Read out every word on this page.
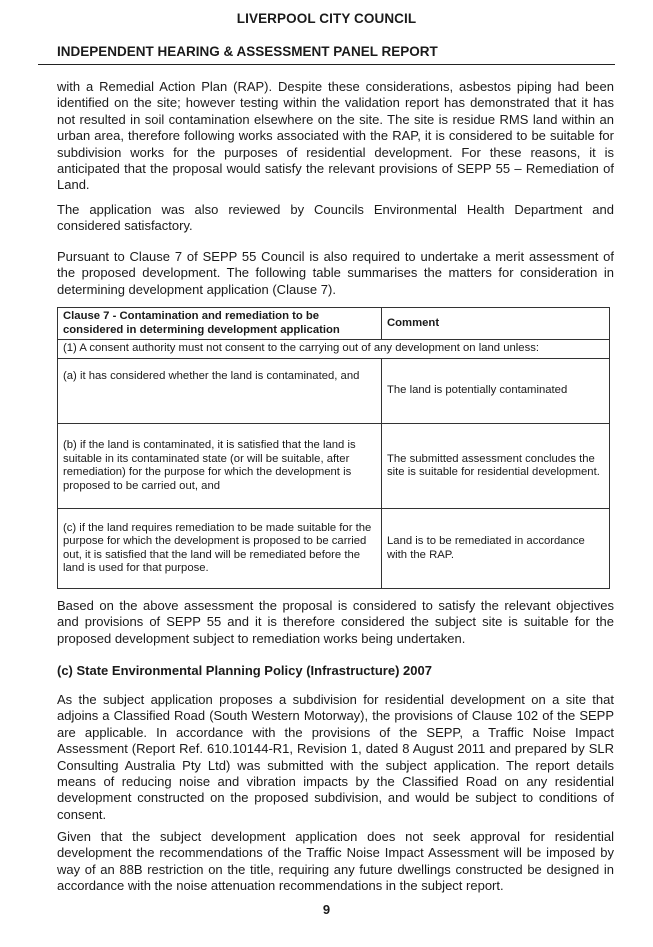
LIVERPOOL CITY COUNCIL
INDEPENDENT HEARING & ASSESSMENT PANEL REPORT

with a Remedial Action Plan (RAP). Despite these considerations, asbestos piping had been identified on the site; however testing within the validation report has demonstrated that it has not resulted in soil contamination elsewhere on the site. The site is residue RMS land within an urban area, therefore following works associated with the RAP, it is considered to be suitable for subdivision works for the purposes of residential development. For these reasons, it is anticipated that the proposal would satisfy the relevant provisions of SEPP 55 – Remediation of Land.

The application was also reviewed by Councils Environmental Health Department and considered satisfactory.

Pursuant to Clause 7 of SEPP 55 Council is also required to undertake a merit assessment of the proposed development. The following table summarises the matters for consideration in determining development application (Clause 7).

Clause 7 - Contamination and remediation to be considered in determining development application	Comment
(1) A consent authority must not consent to the carrying out of any development on land unless:	
(a) it has considered whether the land is contaminated, and	The land is potentially contaminated
(b) if the land is contaminated, it is satisfied that the land is suitable in its contaminated state (or will be suitable, after remediation) for the purpose for which the development is proposed to be carried out, and	The submitted assessment concludes the site is suitable for residential development.
(c) if the land requires remediation to be made suitable for the purpose for which the development is proposed to be carried out, it is satisfied that the land will be remediated before the land is used for that purpose.	Land is to be remediated in accordance with the RAP.

Based on the above assessment the proposal is considered to satisfy the relevant objectives and provisions of SEPP 55 and it is therefore considered the subject site is suitable for the proposed development subject to remediation works being undertaken.

(c) State Environmental Planning Policy (Infrastructure) 2007

As the subject application proposes a subdivision for residential development on a site that adjoins a Classified Road (South Western Motorway), the provisions of Clause 102 of the SEPP are applicable. In accordance with the provisions of the SEPP, a Traffic Noise Impact Assessment (Report Ref. 610.10144-R1, Revision 1, dated 8 August 2011 and prepared by SLR Consulting Australia Pty Ltd) was submitted with the subject application. The report details means of reducing noise and vibration impacts by the Classified Road on any residential development constructed on the proposed subdivision, and would be subject to conditions of consent.

Given that the subject development application does not seek approval for residential development the recommendations of the Traffic Noise Impact Assessment will be imposed by way of an 88B restriction on the title, requiring any future dwellings constructed be designed in accordance with the noise attenuation recommendations in the subject report.

9
